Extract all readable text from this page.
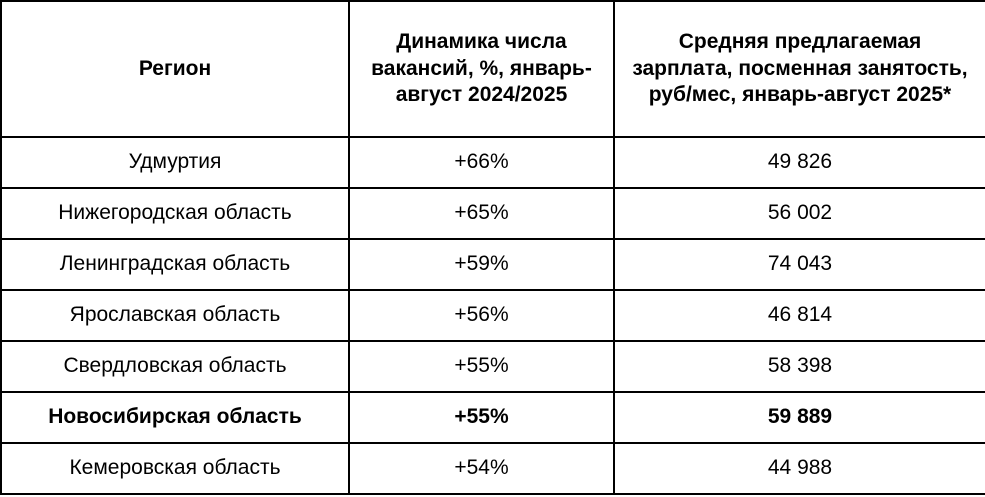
Регион	Динамика числа вакансий, %, январь-август 2024/2025	Средняя предлагаемая зарплата, посменная занятость, руб/мес, январь-август 2025*
Удмуртия	+66%	49 826
Нижегородская область	+65%	56 002
Ленинградская область	+59%	74 043
Ярославская область	+56%	46 814
Свердловская область	+55%	58 398
Новосибирская область	+55%	59 889
Кемеровская область	+54%	44 988
